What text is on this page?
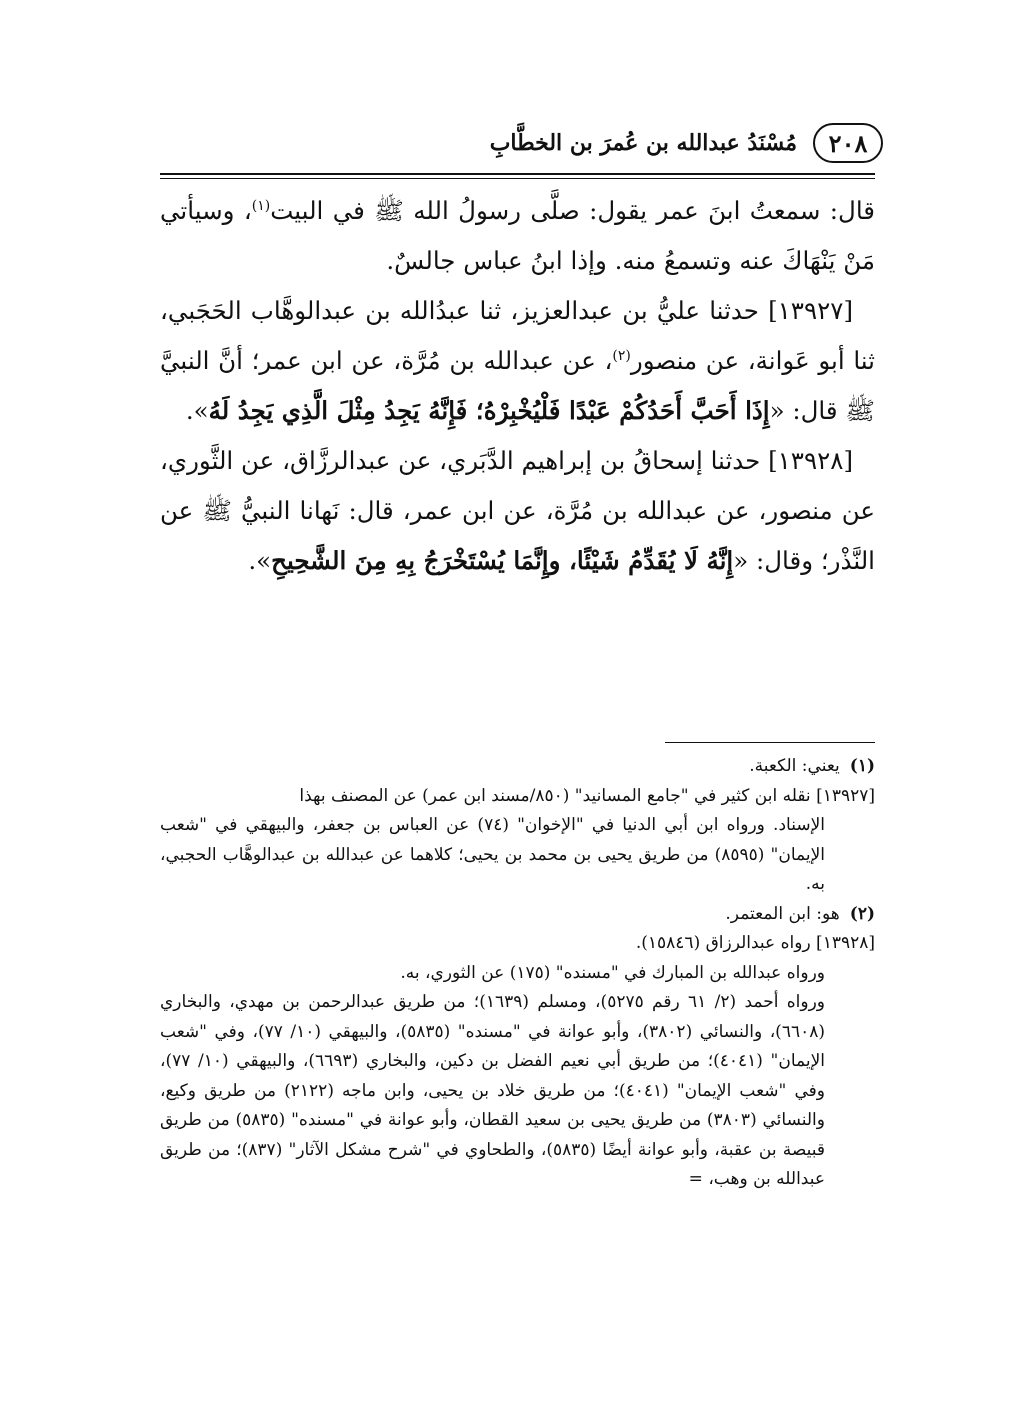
٢٠٨
مُسْنَدُ عبدالله بن عُمرَ بن الخطَّابِ

قال: سمعتُ ابنَ عمر يقول: صلَّى رسولُ الله ﷺ في البيت$^{(١)}$، وسيأتي مَنْ يَنْهَاكَ عنه وتسمعُ منه. وإذا ابنُ عباس جالسٌ.

[١٣٩٢٧] حدثنا عليُّ بن عبدالعزيز، ثنا عبدُالله بن عبدالوهَّاب الحَجَبي، ثنا أبو عَوانة، عن منصور$^{(٢)}$، عن عبدالله بن مُرَّة، عن ابن عمر؛ أنَّ النبيَّ ﷺ قال: «إِذَا أَحَبَّ أَحَدُكُمْ عَبْدًا فَلْيُخْبِرْهُ؛ فَإِنَّهُ يَجِدُ مِثْلَ الَّذِي يَجِدُ لَهُ».

[١٣٩٢٨] حدثنا إسحاقُ بن إبراهيم الدَّبَري، عن عبدالرزَّاق، عن الثَّوري، عن منصور، عن عبدالله بن مُرَّة، عن ابن عمر، قال: نَهانا النبيُّ ﷺ عن النَّذْر؛ وقال: «إِنَّهُ لَا يُقَدِّمُ شَيْئًا، وإِنَّمَا يُسْتَخْرَجُ بِهِ مِنَ الشَّحِيحِ».

(١)يعني: الكعبة.

[١٣٩٢٧] نقله ابن كثير في "جامع المسانيد" (٨٥٠/مسند ابن عمر) عن المصنف بهذا

الإسناد. ورواه ابن أبي الدنيا في "الإخوان" (٧٤) عن العباس بن جعفر، والبيهقي في "شعب الإيمان" (٨٥٩٥) من طريق يحيى بن محمد بن يحيى؛ كلاهما عن عبدالله بن عبدالوهَّاب الحجبي، به.

(٢)هو: ابن المعتمر.

[١٣٩٢٨] رواه عبدالرزاق (١٥٨٤٦).

ورواه عبدالله بن المبارك في "مسنده" (١٧٥) عن الثوري، به.

ورواه أحمد (٢/ ٦١ رقم ٥٢٧٥)، ومسلم (١٦٣٩)؛ من طريق عبدالرحمن بن مهدي، والبخاري (٦٦٠٨)، والنسائي (٣٨٠٢)، وأبو عوانة في "مسنده" (٥٨٣٥)، والبيهقي (١٠/ ٧٧)، وفي "شعب الإيمان" (٤٠٤١)؛ من طريق أبي نعيم الفضل بن دكين، والبخاري (٦٦٩٣)، والبيهقي (١٠/ ٧٧)، وفي "شعب الإيمان" (٤٠٤١)؛ من طريق خلاد بن يحيى، وابن ماجه (٢١٢٢) من طريق وكيع، والنسائي (٣٨٠٣) من طريق يحيى بن سعيد القطان، وأبو عوانة في "مسنده" (٥٨٣٥) من طريق قبيصة بن عقبة، وأبو عوانة أيضًا (٥٨٣٥)، والطحاوي في "شرح مشكل الآثار" (٨٣٧)؛ من طريق عبدالله بن وهب، =
